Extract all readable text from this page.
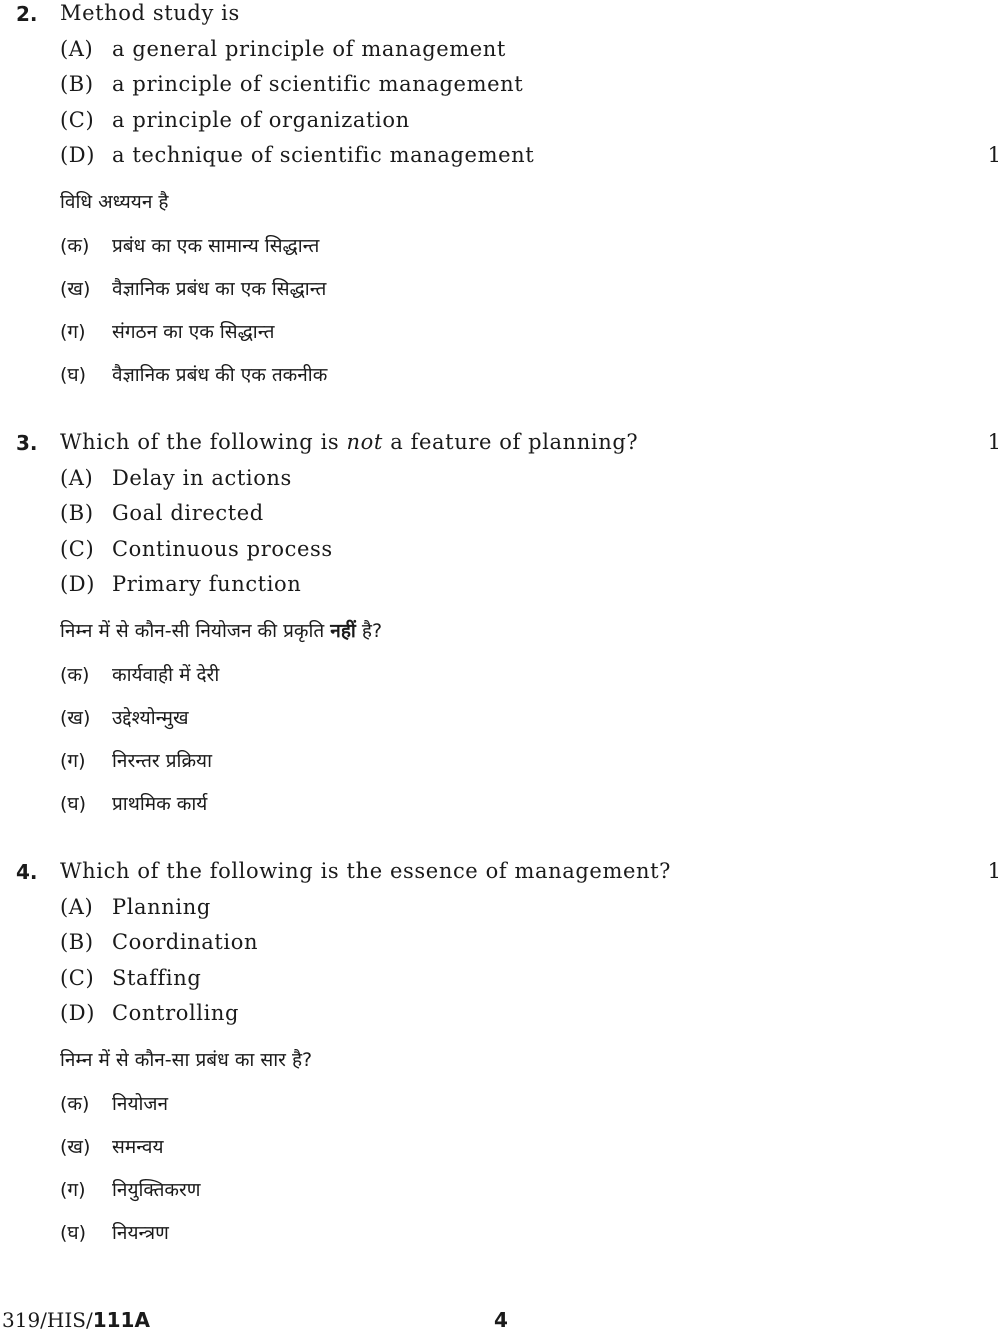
2. Method study is
(A) a general principle of management
(B) a principle of scientific management
(C) a principle of organization
(D) a technique of scientific management	1
विधि अध्ययन है
(क) प्रबंध का एक सामान्य सिद्धान्त
(ख) वैज्ञानिक प्रबंध का एक सिद्धान्त
(ग) संगठन का एक सिद्धान्त
(घ) वैज्ञानिक प्रबंध की एक तकनीक
3. Which of the following is not a feature of planning?	1
(A) Delay in actions
(B) Goal directed
(C) Continuous process
(D) Primary function
निम्न में से कौन-सी नियोजन की प्रकृति नहीं है?
(क) कार्यवाही में देरी
(ख) उद्देश्योन्मुख
(ग) निरन्तर प्रक्रिया
(घ) प्राथमिक कार्य
4. Which of the following is the essence of management?	1
(A) Planning
(B) Coordination
(C) Staffing
(D) Controlling
निम्न में से कौन-सा प्रबंध का सार है?
(क) नियोजन
(ख) समन्वय
(ग) नियुक्तिकरण
(घ) नियन्त्रण
319/HIS/111A	4
